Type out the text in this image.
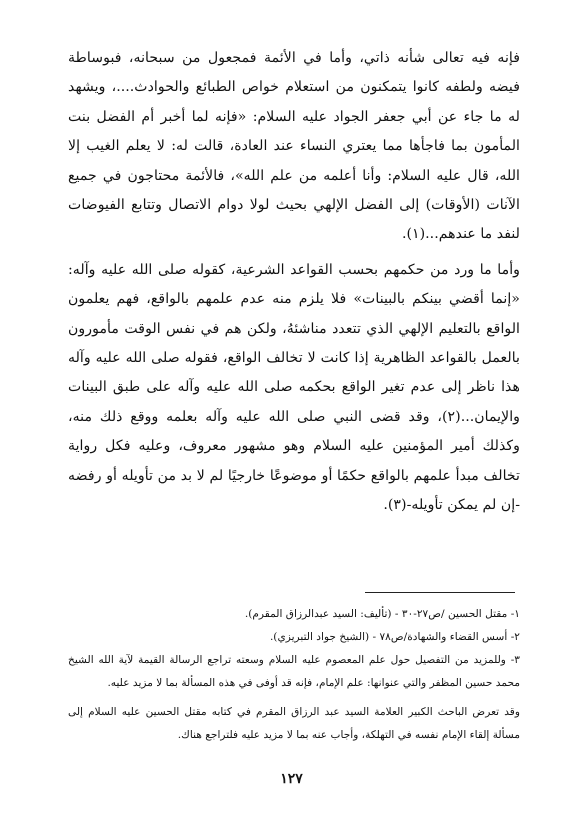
فإنه فيه تعالى شأنه ذاتي، وأما في الأئمة فمجعول من سبحانه، فبوساطة فيضه ولطفه كانوا يتمكنون من استعلام خواص الطبائع والحوادث....، ويشهد له ما جاء عن أبي جعفر الجواد عليه السلام: «فإنه لما أخبر أم الفضل بنت المأمون بما فاجأها مما يعتري النساء عند العادة، قالت له: لا يعلم الغيب إلا الله، قال عليه السلام: وأنا أعلمه من علم الله»، فالأئمة محتاجون في جميع الآنات (الأوقات) إلى الفضل الإلهي بحيث لولا دوام الاتصال وتتابع الفيوضات لنفد ما عندهم...(١).

وأما ما ورد من حكمهم بحسب القواعد الشرعية، كقوله صلى الله عليه وآله: «إنما أقضي بينكم بالبينات» فلا يلزم منه عدم علمهم بالواقع، فهم يعلمون الواقع بالتعليم الإلهي الذي تتعدد مناشئهُ، ولكن هم في نفس الوقت مأمورون بالعمل بالقواعد الظاهرية إذا كانت لا تخالف الواقع، فقوله صلى الله عليه وآله هذا ناظر إلى عدم تغير الواقع بحكمه صلى الله عليه وآله على طبق البينات والإيمان...(٢)، وقد قضى النبي صلى الله عليه وآله بعلمه ووقع ذلك منه، وكذلك أمير المؤمنين عليه السلام وهو مشهور معروف، وعليه فكل رواية تخالف مبدأ علمهم بالواقع حكمًا أو موضوعًا خارجيًا لم لا بد من تأويله أو رفضه -إن لم يمكن تأويله-(٣).

١- مقتل الحسين /ص٢٧-٣٠ - (تأليف: السيد عبدالرزاق المقرم).

٢- أسس القضاء والشهادة/ص٧٨ - (الشيخ جواد التبريزي).

٣- وللمزيد من التفصيل حول علم المعصوم عليه السلام وسعته تراجع الرسالة القيمة لآية الله الشيخ محمد حسين المظفر والتي عنوانها: علم الإمام، فإنه قد أوفى في هذه المسألة بما لا مزيد عليه.

وقد تعرض الباحث الكبير العلامة السيد عبد الرزاق المقرم في كتابه مقتل الحسين عليه السلام إلى مسألة إلقاء الإمام نفسه في التهلكة، وأجاب عنه بما لا مزيد عليه فلتراجع هناك.

١٢٧
